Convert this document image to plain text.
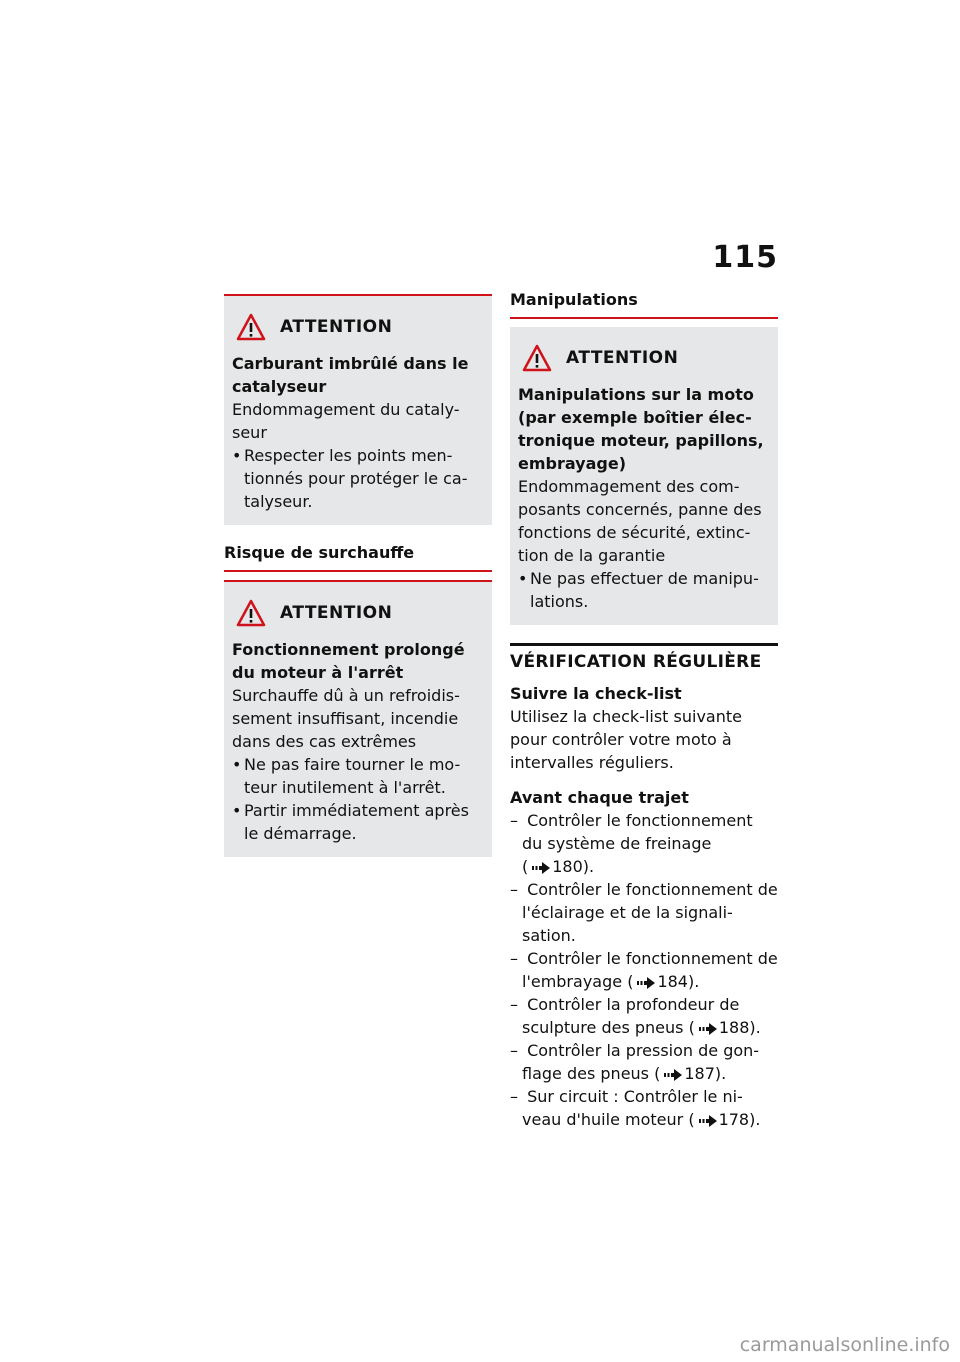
115
ATTENTION

Carburant imbrûlé dans le catalyseur

Endommagement du cataly-seur

• Respecter les points men-tionnés pour protéger le ca-talyseur.
Risque de surchauffe
ATTENTION

Fonctionnement prolongé du moteur à l'arrêt

Surchauffe dû à un refroidis-sement insuffisant, incendie dans des cas extrêmes

• Ne pas faire tourner le mo-teur inutilement à l'arrêt.
• Partir immédiatement après le démarrage.
Manipulations
ATTENTION

Manipulations sur la moto (par exemple boîtier élec-tronique moteur, papillons, embrayage)

Endommagement des com-posants concernés, panne des fonctions de sécurité, extinc-tion de la garantie

• Ne pas effectuer de manipu-lations.
VÉRIFICATION RÉGULIÈRE

Suivre la check-list

Utilisez la check-list suivante pour contrôler votre moto à intervalles réguliers.

Avant chaque trajet

– Contrôler le fonctionnement du système de freinage ( 180).
– Contrôler le fonctionnement de l'éclairage et de la signali-sation.
– Contrôler le fonctionnement de l'embrayage ( 184).
– Contrôler la profondeur de sculpture des pneus ( 188).
– Contrôler la pression de gon-flage des pneus ( 187).
– Sur circuit : Contrôler le ni-veau d'huile moteur ( 178).
carmanualsonline.info
